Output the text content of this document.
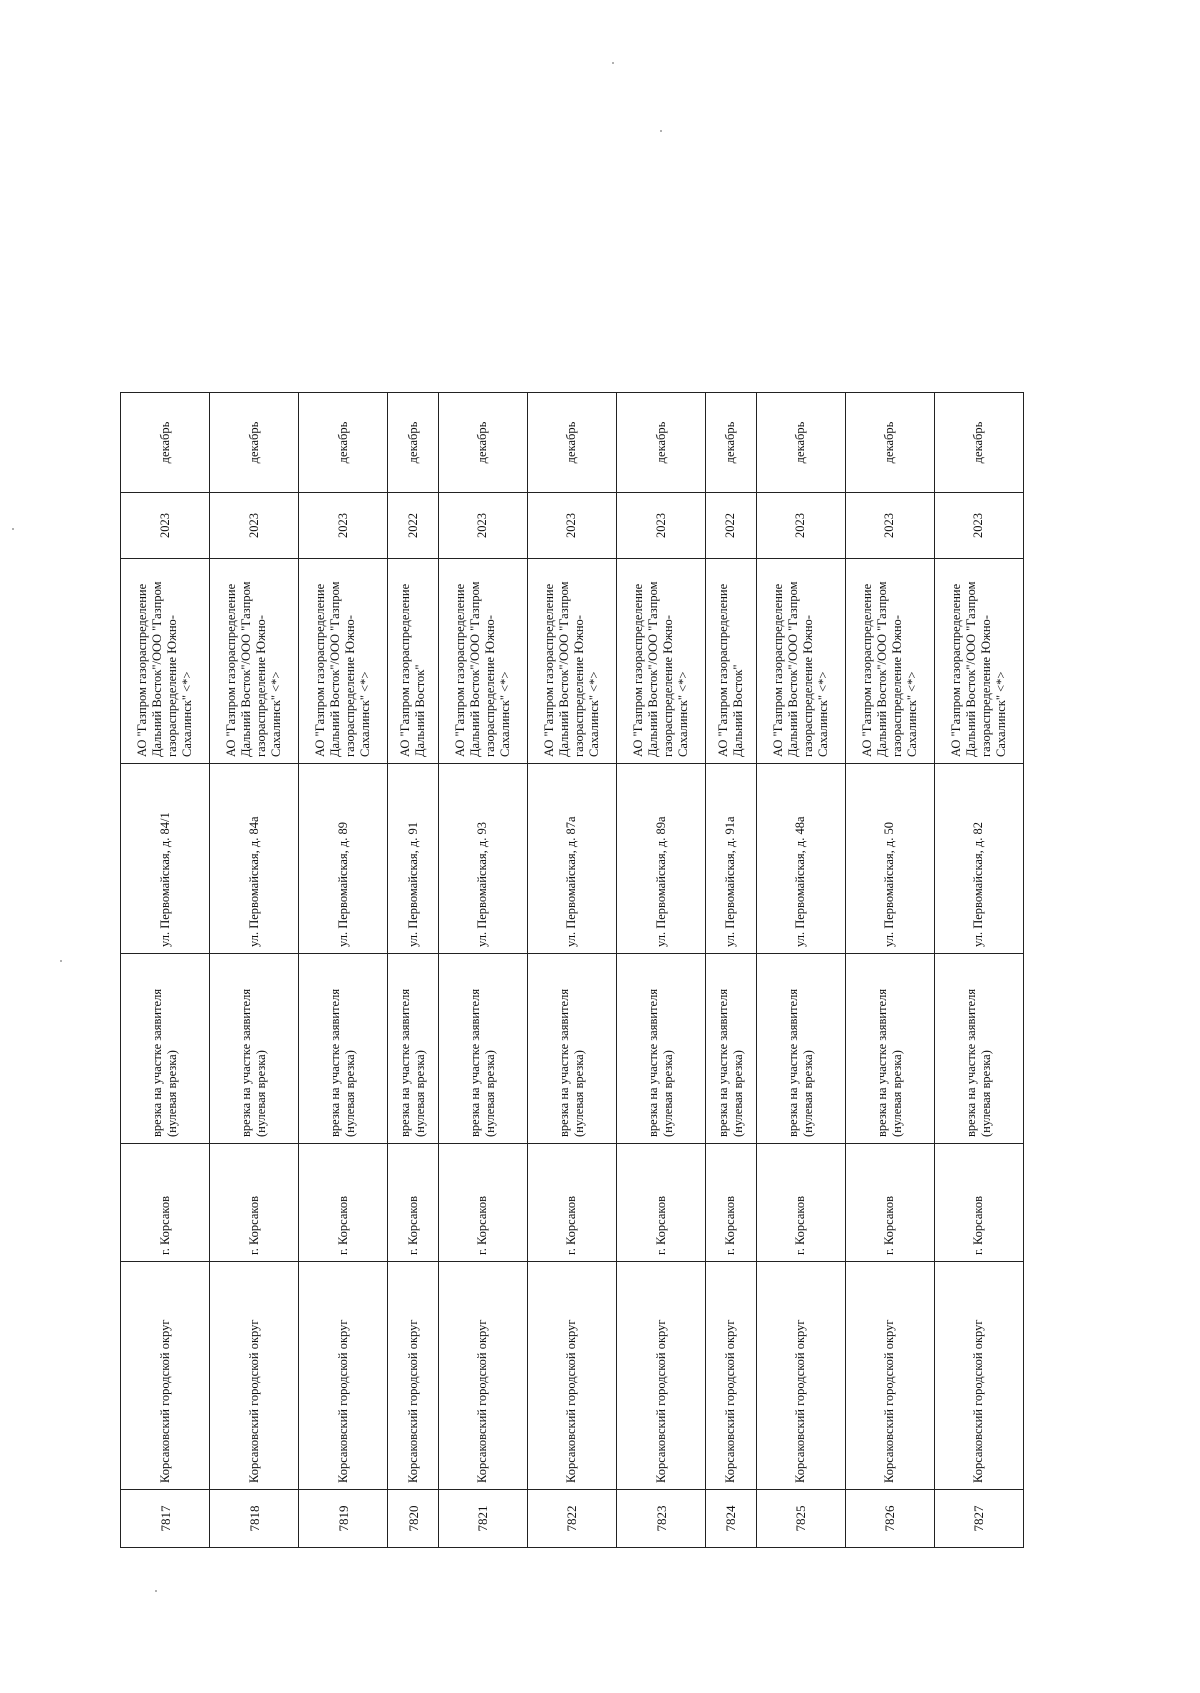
7817	Корсаковский городской округ	г. Корсаков	врезка на участке заявителя (нулевая врезка)	ул. Первомайская, д. 84/1	АО "Газпром газораспределение Дальний Восток"/ООО "Газпром газораспределение Южно-Сахалинск" <*>	2023	декабрь
7818	Корсаковский городской округ	г. Корсаков	врезка на участке заявителя (нулевая врезка)	ул. Первомайская, д. 84а	АО "Газпром газораспределение Дальний Восток"/ООО "Газпром газораспределение Южно-Сахалинск" <*>	2023	декабрь
7819	Корсаковский городской округ	г. Корсаков	врезка на участке заявителя (нулевая врезка)	ул. Первомайская, д. 89	АО "Газпром газораспределение Дальний Восток"/ООО "Газпром газораспределение Южно-Сахалинск" <*>	2023	декабрь
7820	Корсаковский городской округ	г. Корсаков	врезка на участке заявителя (нулевая врезка)	ул. Первомайская, д. 91	АО "Газпром газораспределение Дальний Восток"	2022	декабрь
7821	Корсаковский городской округ	г. Корсаков	врезка на участке заявителя (нулевая врезка)	ул. Первомайская, д. 93	АО "Газпром газораспределение Дальний Восток"/ООО "Газпром газораспределение Южно-Сахалинск" <*>	2023	декабрь
7822	Корсаковский городской округ	г. Корсаков	врезка на участке заявителя (нулевая врезка)	ул. Первомайская, д. 87а	АО "Газпром газораспределение Дальний Восток"/ООО "Газпром газораспределение Южно-Сахалинск" <*>	2023	декабрь
7823	Корсаковский городской округ	г. Корсаков	врезка на участке заявителя (нулевая врезка)	ул. Первомайская, д. 89а	АО "Газпром газораспределение Дальний Восток"/ООО "Газпром газораспределение Южно-Сахалинск" <*>	2023	декабрь
7824	Корсаковский городской округ	г. Корсаков	врезка на участке заявителя (нулевая врезка)	ул. Первомайская, д. 91а	АО "Газпром газораспределение Дальний Восток"	2022	декабрь
7825	Корсаковский городской округ	г. Корсаков	врезка на участке заявителя (нулевая врезка)	ул. Первомайская, д. 48а	АО "Газпром газораспределение Дальний Восток"/ООО "Газпром газораспределение Южно-Сахалинск" <*>	2023	декабрь
7826	Корсаковский городской округ	г. Корсаков	врезка на участке заявителя (нулевая врезка)	ул. Первомайская, д. 50	АО "Газпром газораспределение Дальний Восток"/ООО "Газпром газораспределение Южно-Сахалинск" <*>	2023	декабрь
7827	Корсаковский городской округ	г. Корсаков	врезка на участке заявителя (нулевая врезка)	ул. Первомайская, д. 82	АО "Газпром газораспределение Дальний Восток"/ООО "Газпром газораспределение Южно-Сахалинск" <*>	2023	декабрь
